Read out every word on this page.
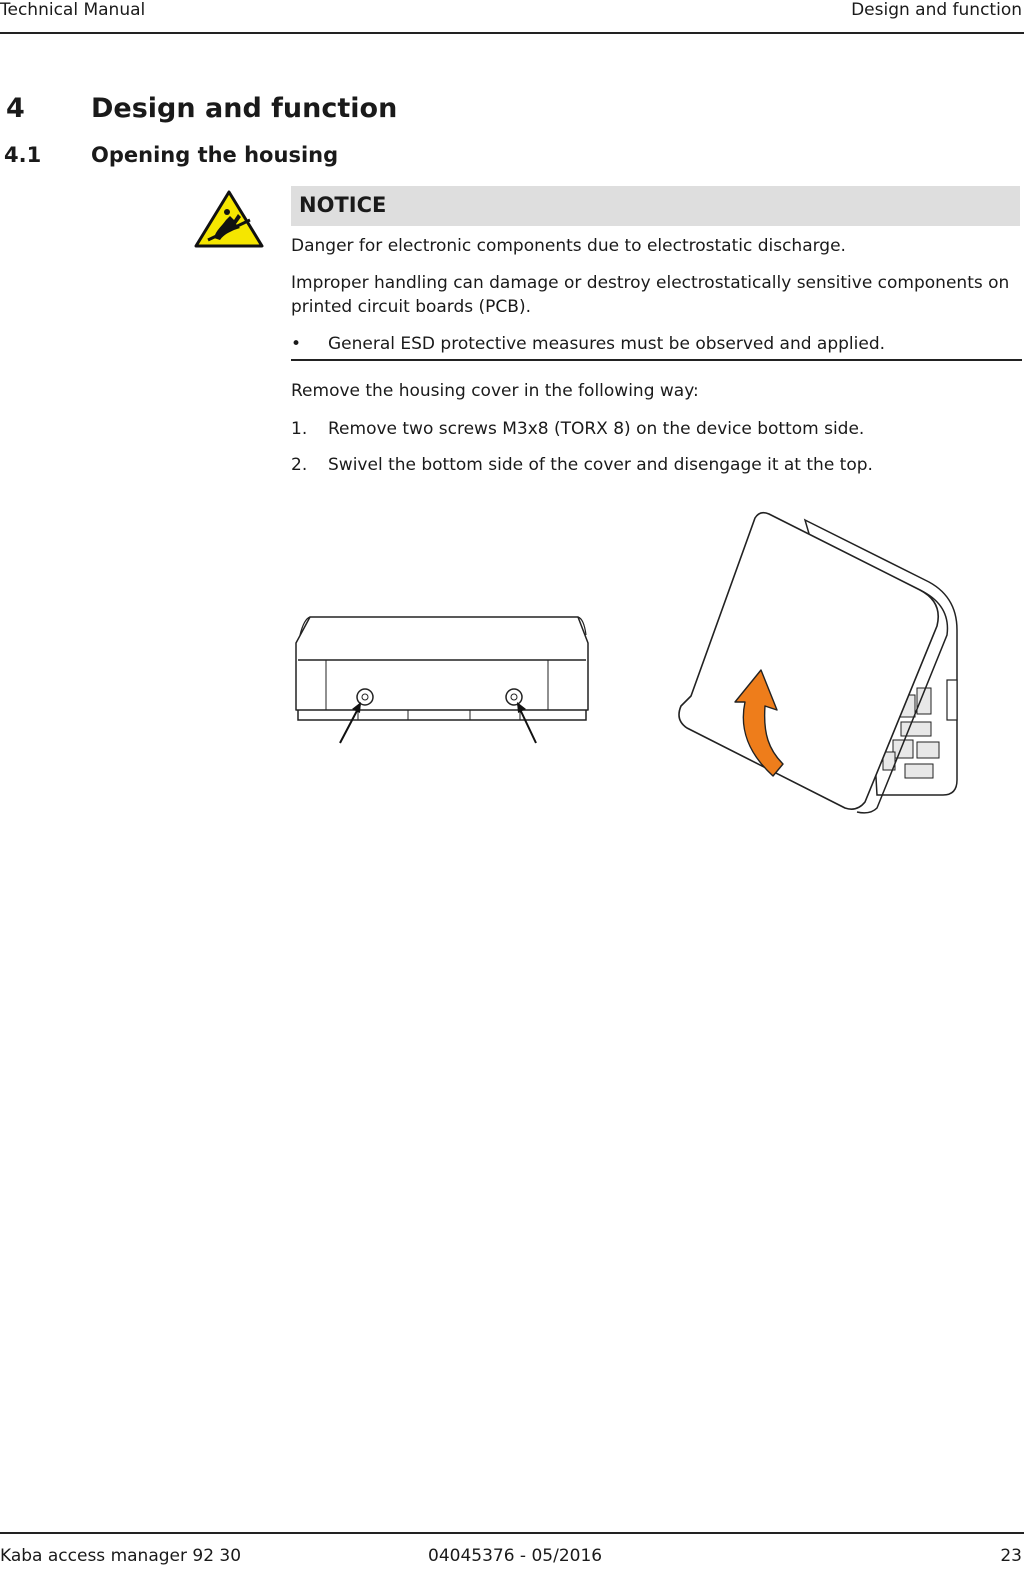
Technical Manual	Design and function
4 Design and function
4.1 Opening the housing
NOTICE
Danger for electronic components due to electrostatic discharge.
Improper handling can damage or destroy electrostatically sensitive components on printed circuit boards (PCB).
• General ESD protective measures must be observed and applied.
Remove the housing cover in the following way:
1. Remove two screws M3x8 (TORX 8) on the device bottom side.
2. Swivel the bottom side of the cover and disengage it at the top.
Kaba access manager 92 30	04045376 - 05/2016	23
